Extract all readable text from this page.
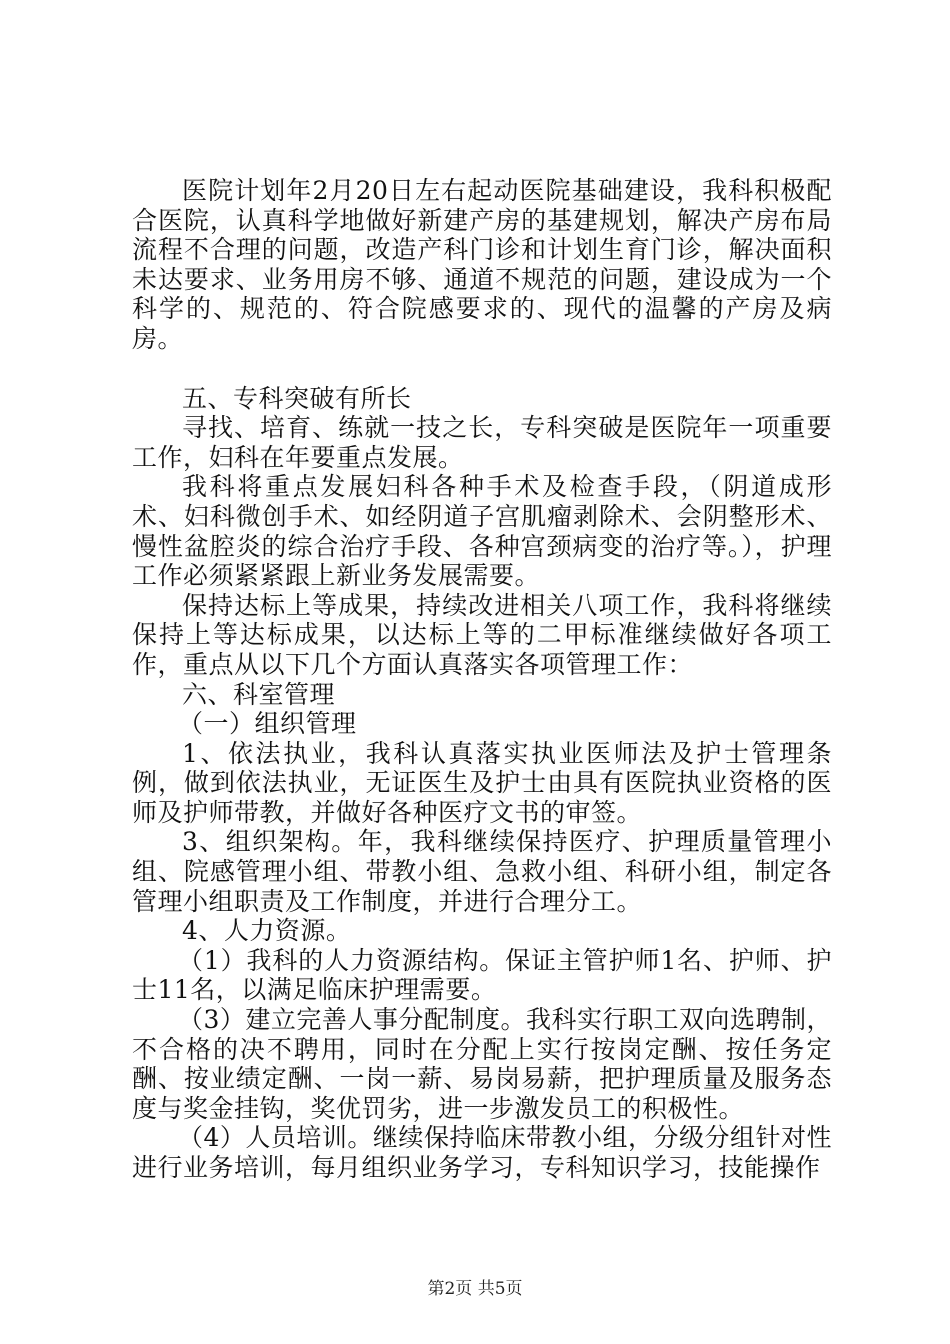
医院计划年2月20日左右起动医院基础建设，我科积极配合医院，认真科学地做好新建产房的基建规划，解决产房布局流程不合理的问题，改造产科门诊和计划生育门诊，解决面积未达要求、业务用房不够、通道不规范的问题，建设成为一个科学的、规范的、符合院感要求的、现代的温馨的产房及病房。

五、专科突破有所长

寻找、培育、练就一技之长，专科突破是医院年一项重要工作，妇科在年要重点发展。

我科将重点发展妇科各种手术及检查手段，（阴道成形术、妇科微创手术、如经阴道子宫肌瘤剥除术、会阴整形术、慢性盆腔炎的综合治疗手段、各种宫颈病变的治疗等。），护理工作必须紧紧跟上新业务发展需要。

保持达标上等成果，持续改进相关八项工作，我科将继续保持上等达标成果，以达标上等的二甲标准继续做好各项工作，重点从以下几个方面认真落实各项管理工作：

六、科室管理

（一）组织管理

1、依法执业，我科认真落实执业医师法及护士管理条例，做到依法执业，无证医生及护士由具有医院执业资格的医师及护师带教，并做好各种医疗文书的审签。

3、组织架构。年，我科继续保持医疗、护理质量管理小组、院感管理小组、带教小组、急救小组、科研小组，制定各管理小组职责及工作制度，并进行合理分工。

4、人力资源。

（1）我科的人力资源结构。保证主管护师1名、护师、护士11名，以满足临床护理需要。

（3）建立完善人事分配制度。我科实行职工双向选聘制，不合格的决不聘用，同时在分配上实行按岗定酬、按任务定酬、按业绩定酬、一岗一薪、易岗易薪，把护理质量及服务态度与奖金挂钩，奖优罚劣，进一步激发员工的积极性。

（4）人员培训。继续保持临床带教小组，分级分组针对性进行业务培训，每月组织业务学习，专科知识学习，技能操作

第2页 共5页
